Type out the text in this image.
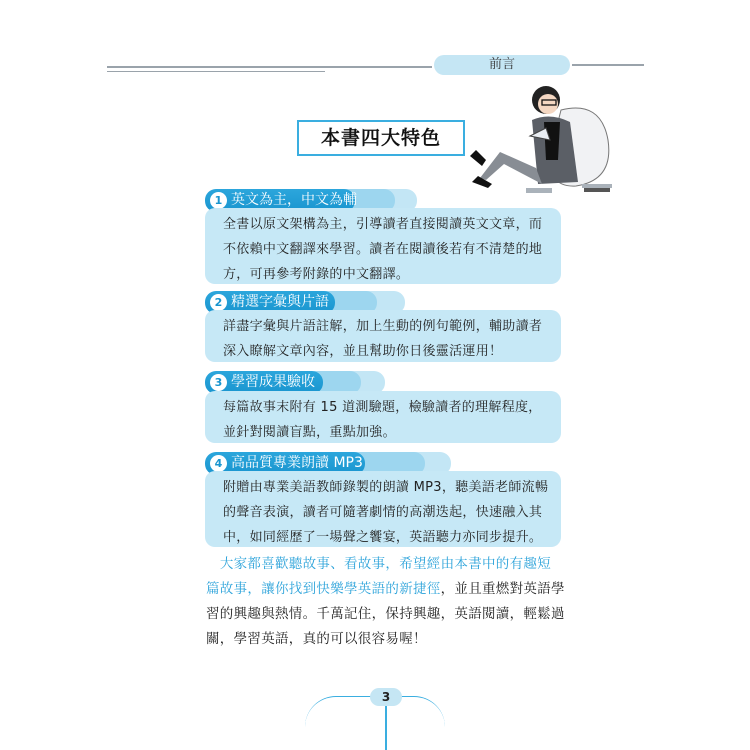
前言
本書四大特色
1 英文為主，中文為輔
全書以原文架構為主，引導讀者直接閱讀英文文章，而
不依賴中文翻譯來學習。讀者在閱讀後若有不清楚的地
方，可再參考附錄的中文翻譯。
2 精選字彙與片語
詳盡字彙與片語註解，加上生動的例句範例，輔助讀者
深入瞭解文章內容，並且幫助你日後靈活運用！
3 學習成果驗收
每篇故事末附有 15 道測驗題，檢驗讀者的理解程度，
並針對閱讀盲點，重點加強。
4 高品質專業朗讀 MP3
附贈由專業美語教師錄製的朗讀 MP3，聽美語老師流暢
的聲音表演，讀者可隨著劇情的高潮迭起，快速融入其
中，如同經歷了一場聲之饗宴，英語聽力亦同步提升。
　大家都喜歡聽故事、看故事，希望經由本書中的有趣短
篇故事，讓你找到快樂學英語的新捷徑，並且重燃對英語學
習的興趣與熱情。千萬記住，保持興趣，英語閱讀，輕鬆過
關，學習英語，真的可以很容易喔！
3
